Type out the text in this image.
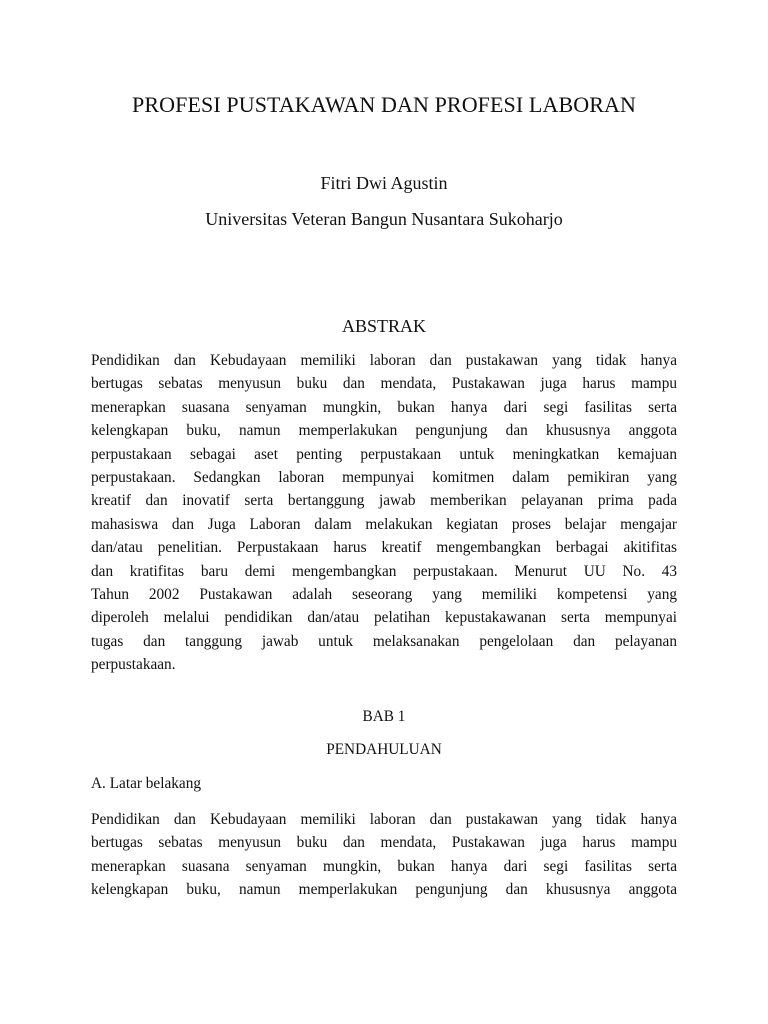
PROFESI PUSTAKAWAN DAN PROFESI LABORAN

Fitri Dwi Agustin

Universitas Veteran Bangun Nusantara Sukoharjo

ABSTRAK
Pendidikan dan Kebudayaan memiliki laboran dan pustakawan yang tidak hanya
bertugas sebatas menyusun buku dan mendata, Pustakawan juga harus mampu
menerapkan suasana senyaman mungkin, bukan hanya dari segi fasilitas serta
kelengkapan buku, namun memperlakukan pengunjung dan khususnya anggota
perpustakaan sebagai aset penting perpustakaan untuk meningkatkan kemajuan
perpustakaan. Sedangkan laboran mempunyai komitmen dalam pemikiran yang
kreatif dan inovatif serta bertanggung jawab memberikan pelayanan prima pada
mahasiswa dan Juga Laboran dalam melakukan kegiatan proses belajar mengajar
dan/atau penelitian. Perpustakaan harus kreatif mengembangkan berbagai akitifitas
dan kratifitas baru demi mengembangkan perpustakaan. Menurut UU No. 43
Tahun 2002 Pustakawan adalah seseorang yang memiliki kompetensi yang
diperoleh melalui pendidikan dan/atau pelatihan kepustakawanan serta mempunyai
tugas dan tanggung jawab untuk melaksanakan pengelolaan dan pelayanan
perpustakaan.
BAB 1
PENDAHULUAN
A. Latar belakang
Pendidikan dan Kebudayaan memiliki laboran dan pustakawan yang tidak hanya
bertugas sebatas menyusun buku dan mendata, Pustakawan juga harus mampu
menerapkan suasana senyaman mungkin, bukan hanya dari segi fasilitas serta
kelengkapan buku, namun memperlakukan pengunjung dan khususnya anggota
